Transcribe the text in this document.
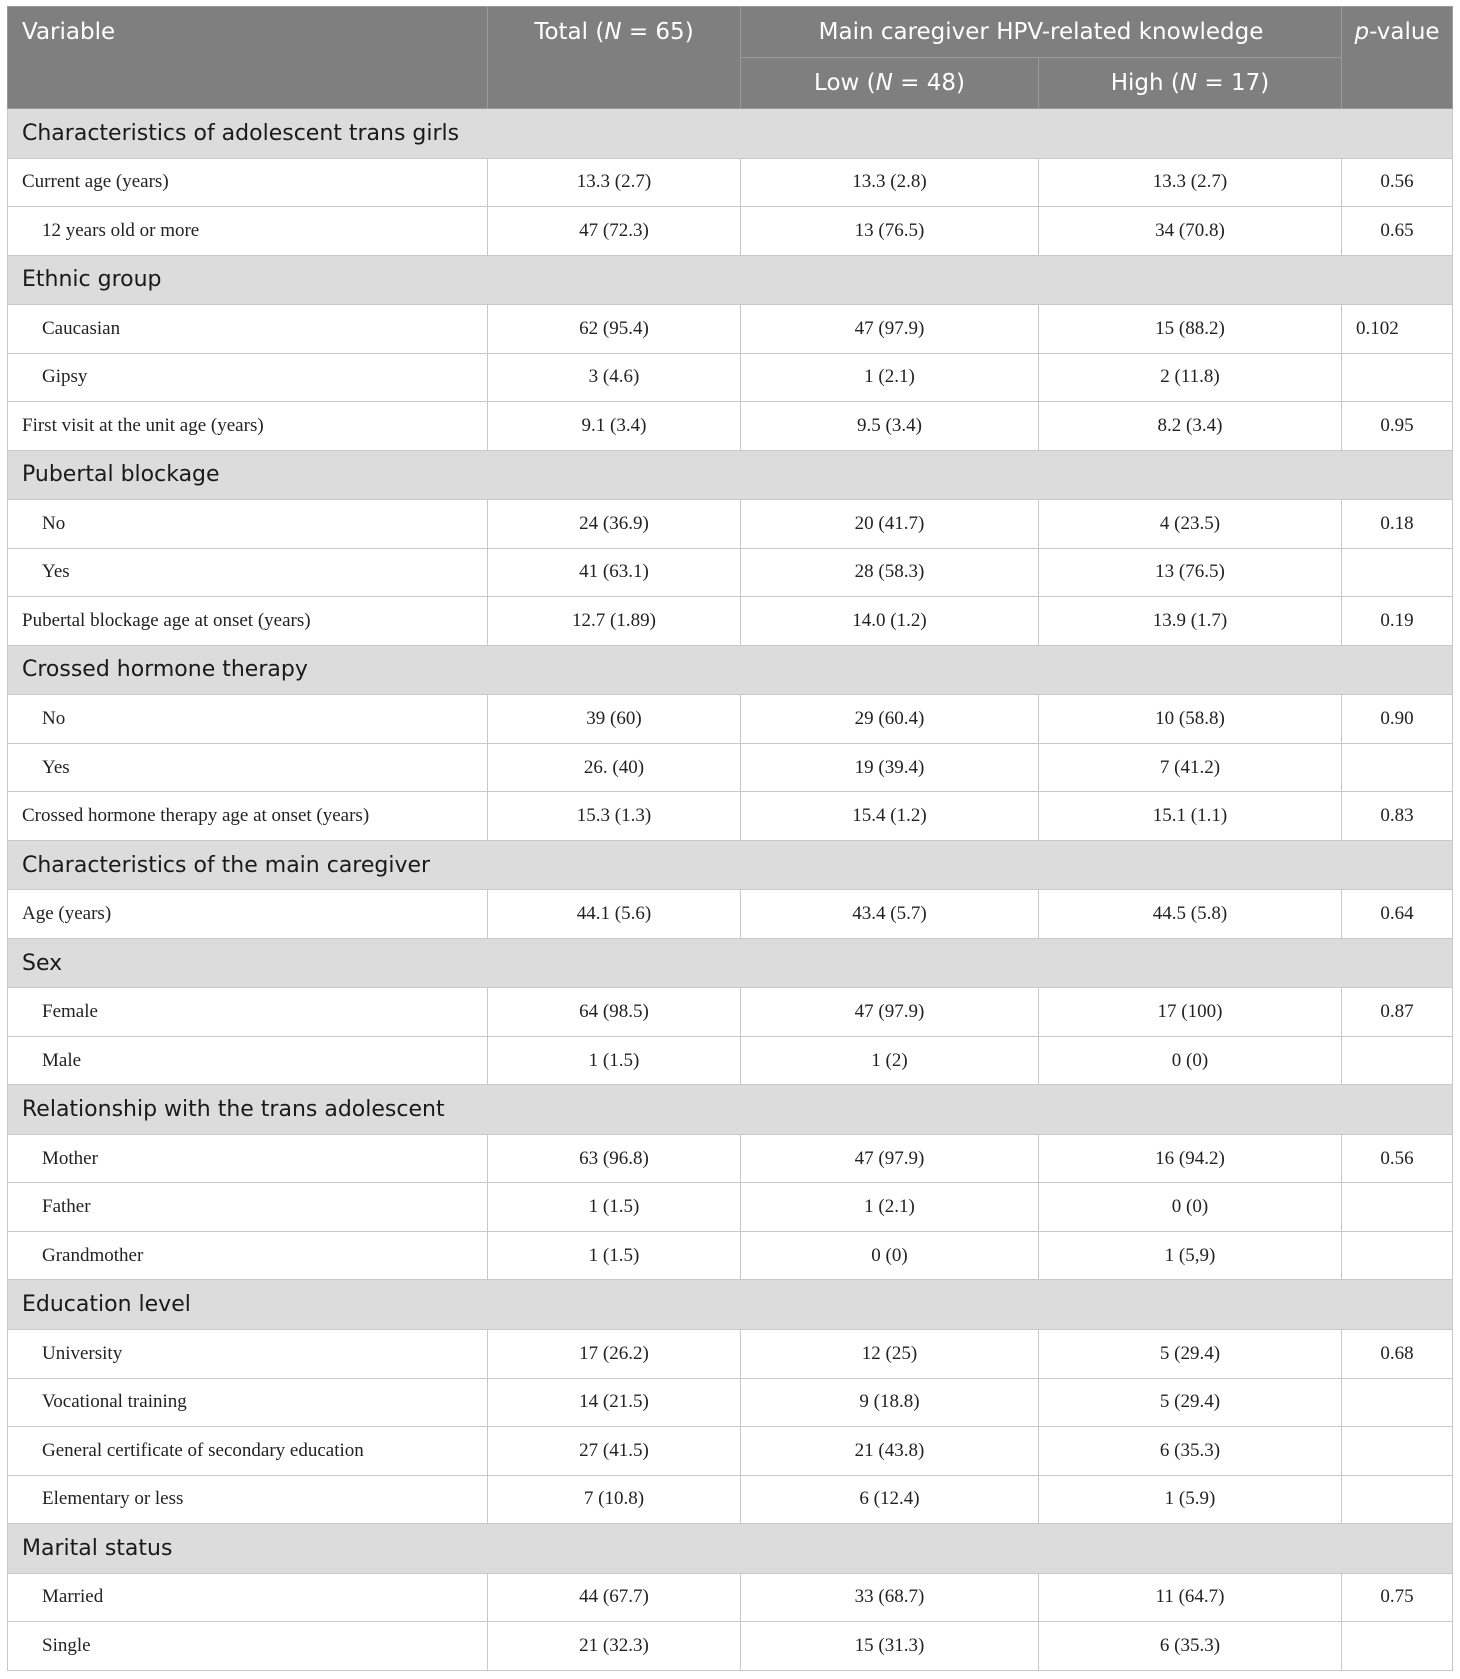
Variable	Total (N = 65)	Main caregiver HPV-related knowledge		p-value
		Low (N = 48)	High (N = 17)	
Characteristics of adolescent trans girls				
Current age (years)	13.3 (2.7)	13.3 (2.8)	13.3 (2.7)	0.56
12 years old or more	47 (72.3)	13 (76.5)	34 (70.8)	0.65
Ethnic group				
Caucasian	62 (95.4)	47 (97.9)	15 (88.2)	0.102
Gipsy	3 (4.6)	1 (2.1)	2 (11.8)	
First visit at the unit age (years)	9.1 (3.4)	9.5 (3.4)	8.2 (3.4)	0.95
Pubertal blockage				
No	24 (36.9)	20 (41.7)	4 (23.5)	0.18
Yes	41 (63.1)	28 (58.3)	13 (76.5)	
Pubertal blockage age at onset (years)	12.7 (1.89)	14.0 (1.2)	13.9 (1.7)	0.19
Crossed hormone therapy				
No	39 (60)	29 (60.4)	10 (58.8)	0.90
Yes	26. (40)	19 (39.4)	7 (41.2)	
Crossed hormone therapy age at onset (years)	15.3 (1.3)	15.4 (1.2)	15.1 (1.1)	0.83
Characteristics of the main caregiver				
Age (years)	44.1 (5.6)	43.4 (5.7)	44.5 (5.8)	0.64
Sex				
Female	64 (98.5)	47 (97.9)	17 (100)	0.87
Male	1 (1.5)	1 (2)	0 (0)	
Relationship with the trans adolescent				
Mother	63 (96.8)	47 (97.9)	16 (94.2)	0.56
Father	1 (1.5)	1 (2.1)	0 (0)	
Grandmother	1 (1.5)	0 (0)	1 (5,9)	
Education level				
University	17 (26.2)	12 (25)	5 (29.4)	0.68
Vocational training	14 (21.5)	9 (18.8)	5 (29.4)	
General certificate of secondary education	27 (41.5)	21 (43.8)	6 (35.3)	
Elementary or less	7 (10.8)	6 (12.4)	1 (5.9)	
Marital status				
Married	44 (67.7)	33 (68.7)	11 (64.7)	0.75
Single	21 (32.3)	15 (31.3)	6 (35.3)	
